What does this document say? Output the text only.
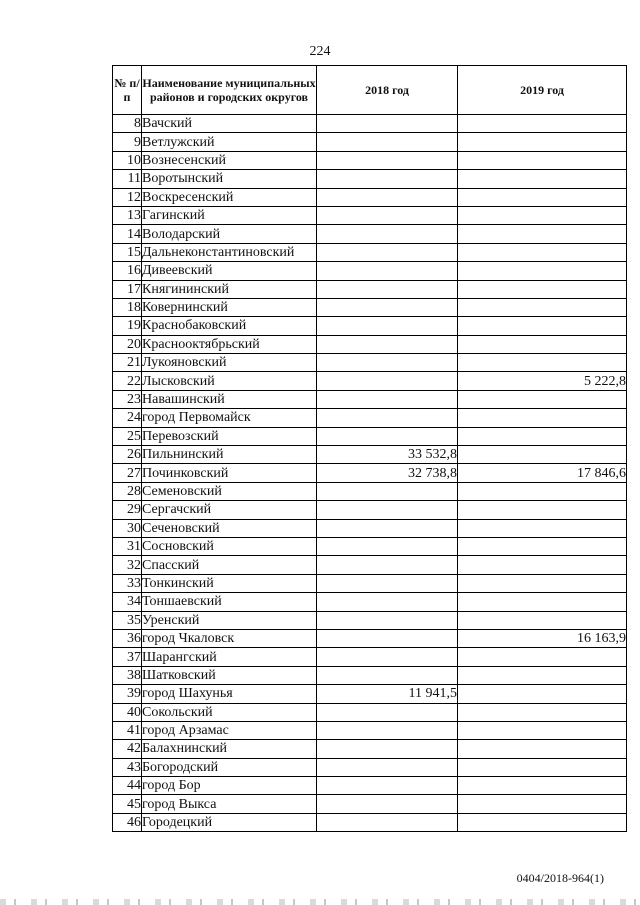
224
№ п/п	Наименование муниципальных районов и городских округов	2018 год	2019 год
8	Вачский		
9	Ветлужский		
10	Вознесенский		
11	Воротынский		
12	Воскресенский		
13	Гагинский		
14	Володарский		
15	Дальнеконстантиновский		
16	Дивеевский		
17	Княгининский		
18	Ковернинский		
19	Краснобаковский		
20	Краснооктябрьский		
21	Лукояновский		
22	Лысковский		5 222,8
23	Навашинский		
24	город Первомайск		
25	Перевозский		
26	Пильнинский	33 532,8	
27	Починковский	32 738,8	17 846,6
28	Семеновский		
29	Сергачский		
30	Сеченовский		
31	Сосновский		
32	Спасский		
33	Тонкинский		
34	Тоншаевский		
35	Уренский		
36	город Чкаловск		16 163,9
37	Шарангский		
38	Шатковский		
39	город Шахунья	11 941,5	
40	Сокольский		
41	город Арзамас		
42	Балахнинский		
43	Богородский		
44	город Бор		
45	город Выкса		
46	Городецкий		
0404/2018-964(1)
